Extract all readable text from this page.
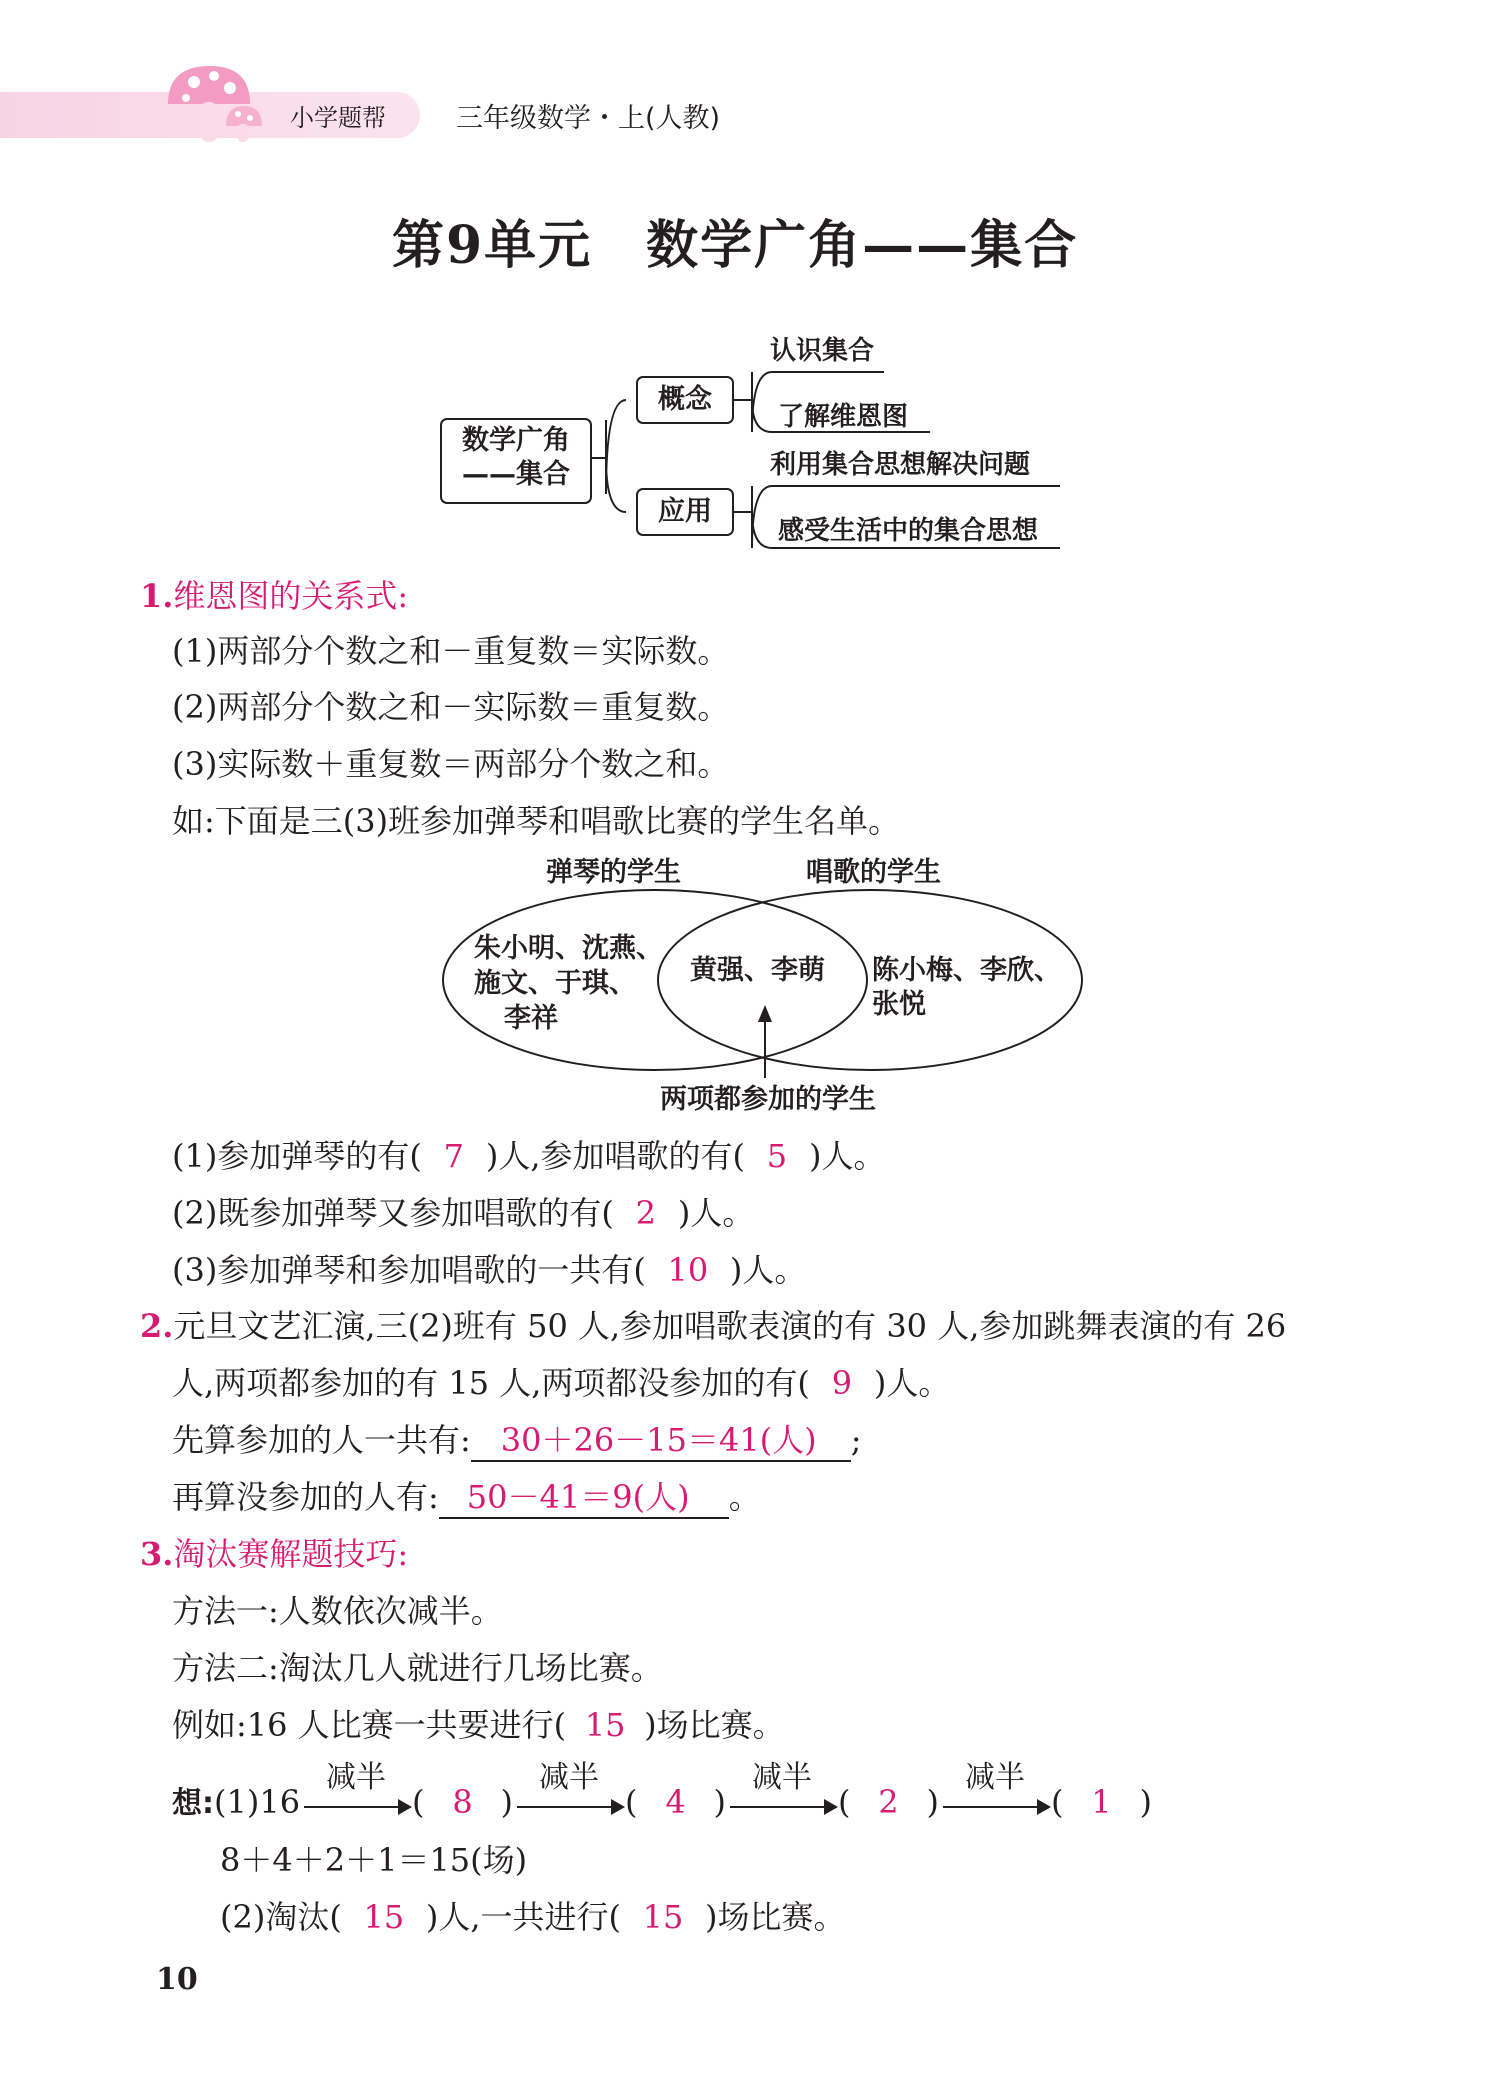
小学题帮	三年级数学・上(人教)
第9单元　数学广角——集合
数学广角
——集合
概念
应用
认识集合
了解维恩图
利用集合思想解决问题
感受生活中的集合思想
1.维恩图的关系式:
(1)两部分个数之和－重复数＝实际数。
(2)两部分个数之和－实际数＝重复数。
(3)实际数＋重复数＝两部分个数之和。
如:下面是三(3)班参加弹琴和唱歌比赛的学生名单。
弹琴的学生	唱歌的学生
朱小明、沈燕、
施文、于琪、
李祥
黄强、李萌 陈小梅、李欣、
张悦
两项都参加的学生
(1)参加弹琴的有( 7 )人,参加唱歌的有( 5 )人。
(2)既参加弹琴又参加唱歌的有( 2 )人。
(3)参加弹琴和参加唱歌的一共有( 10 )人。
2.元旦文艺汇演,三(2)班有 50 人,参加唱歌表演的有 30 人,参加跳舞表演的有 26
人,两项都参加的有 15 人,两项都没参加的有( 9 )人。
先算参加的人一共有: 30＋26－15＝41(人) ;
再算没参加的人有: 50－41＝9(人) 。
3.淘汰赛解题技巧:
方法一:人数依次减半。
方法二:淘汰几人就进行几场比赛。
例如:16 人比赛一共要进行( 15 )场比赛。
想:(1)16
减半
( 8 )
减半
( 4 )
减半
( 2 )
减半
( 1 )
8＋4＋2＋1＝15(场)
(2)淘汰( 15 )人,一共进行( 15 )场比赛。
10
